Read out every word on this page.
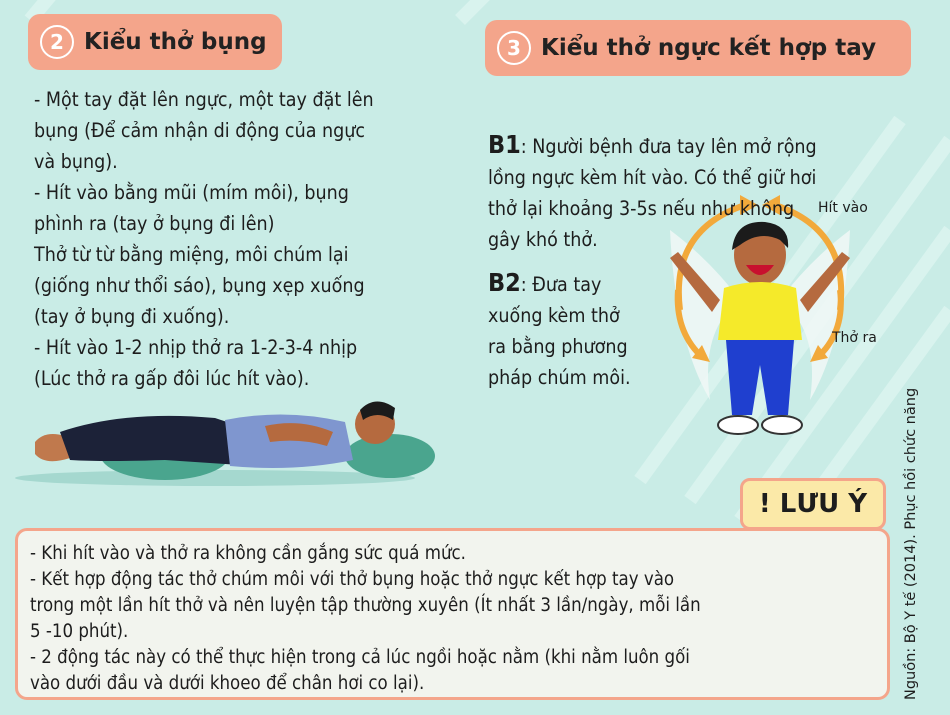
2 Kiểu thở bụng

- Một tay đặt lên ngực, một tay đặt lên
bụng (Để cảm nhận di động của ngực
và bụng).
- Hít vào bằng mũi (mím môi), bụng
phình ra (tay ở bụng đi lên)
Thở từ từ bằng miệng, môi chúm lại
(giống như thổi sáo), bụng xẹp xuống
(tay ở bụng đi xuống).
- Hít vào 1-2 nhịp thở ra 1-2-3-4 nhịp
(Lúc thở ra gấp đôi lúc hít vào).

3 Kiểu thở ngực kết hợp tay

B1: Người bệnh đưa tay lên mở rộng
lồng ngực kèm hít vào. Có thể giữ hơi
thở lại khoảng 3-5s nếu như không
gây khó thở.

B2: Đưa tay
xuống kèm thở
ra bằng phương
pháp chúm môi.

Hít vào
Thở ra
! LƯU Ý

- Khi hít vào và thở ra không cần gắng sức quá mức.
- Kết hợp động tác thở chúm môi với thở bụng hoặc thở ngực kết hợp tay vào
trong một lần hít thở và nên luyện tập thường xuyên (Ít nhất 3 lần/ngày, mỗi lần
5 -10 phút).
- 2 động tác này có thể thực hiện trong cả lúc ngồi hoặc nằm (khi nằm luôn gối
vào dưới đầu và dưới khoeo để chân hơi co lại).	Nguồn: Bộ Y tế (2014). Phục hồi chức năng
